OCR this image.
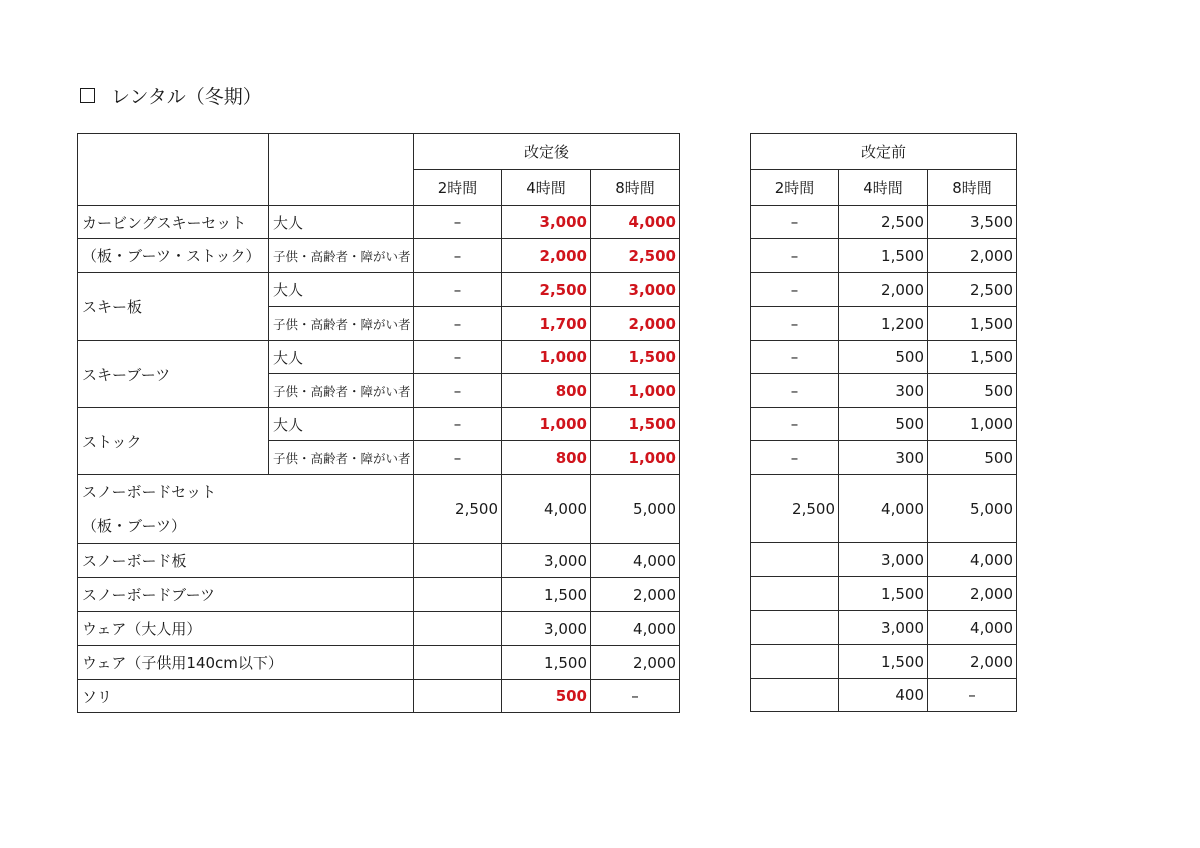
レンタル（冬期）
		改定後		
		2時間	4時間	8時間
カービングスキーセット	大人	–	3,000	4,000
（板・ブーツ・ストック）	子供・高齢者・障がい者	–	2,000	2,500
スキー板	大人	–	2,500	3,000
	子供・高齢者・障がい者	–	1,700	2,000
スキーブーツ	大人	–	1,000	1,500
	子供・高齢者・障がい者	–	800	1,000
ストック	大人	–	1,000	1,500
	子供・高齢者・障がい者	–	800	1,000

スノーボードセット
（板・ブーツ）		2,500	4,000	5,000
スノーボード板			3,000	4,000
スノーボードブーツ			1,500	2,000
ウェア（大人用）			3,000	4,000
ウェア（子供用140cm以下）			1,500	2,000
ソリ			500	–
改定前		
2時間	4時間	8時間
–	2,500	3,500
–	1,500	2,000
–	2,000	2,500
–	1,200	1,500
–	500	1,500
–	300	500
–	500	1,000
–	300	500
2,500	4,000	5,000
	3,000	4,000
	1,500	2,000
	3,000	4,000
	1,500	2,000
	400	–
